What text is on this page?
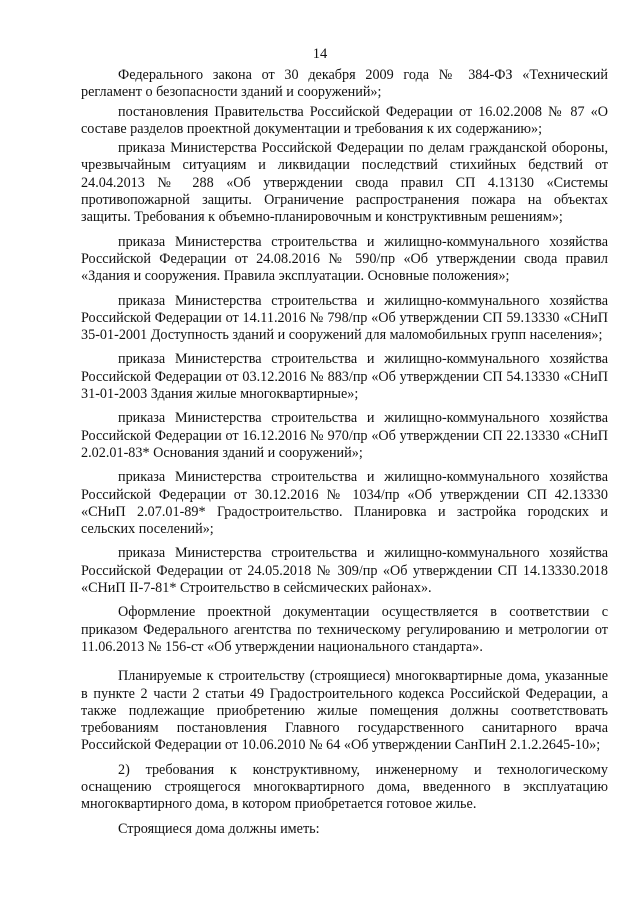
14

Федерального закона от 30 декабря 2009 года № 384-ФЗ «Технический регламент о безопасности зданий и сооружений»;

постановления Правительства Российской Федерации от 16.02.2008 № 87 «О составе разделов проектной документации и требования к их содержанию»;

приказа Министерства Российской Федерации по делам гражданской обороны, чрезвычайным ситуациям и ликвидации последствий стихийных бедствий от 24.04.2013 № 288 «Об утверждении свода правил СП 4.13130 «Системы противопожарной защиты. Ограничение распространения пожара на объектах защиты. Требования к объемно-планировочным и конструктивным решениям»;

приказа Министерства строительства и жилищно-коммунального хозяйства Российской Федерации от 24.08.2016 № 590/пр «Об утверждении свода правил «Здания и сооружения. Правила эксплуатации. Основные положения»;

приказа Министерства строительства и жилищно-коммунального хозяйства Российской Федерации от 14.11.2016 № 798/пр «Об утверждении СП 59.13330 «СНиП 35-01-2001 Доступность зданий и сооружений для маломобильных групп населения»;

приказа Министерства строительства и жилищно-коммунального хозяйства Российской Федерации от 03.12.2016 № 883/пр «Об утверждении СП 54.13330 «СНиП 31-01-2003 Здания жилые многоквартирные»;

приказа Министерства строительства и жилищно-коммунального хозяйства Российской Федерации от 16.12.2016 № 970/пр «Об утверждении СП 22.13330 «СНиП 2.02.01-83* Основания зданий и сооружений»;

приказа Министерства строительства и жилищно-коммунального хозяйства Российской Федерации от 30.12.2016 № 1034/пр «Об утверждении СП 42.13330 «СНиП 2.07.01-89* Градостроительство. Планировка и застройка городских и сельских поселений»;

приказа Министерства строительства и жилищно-коммунального хозяйства Российской Федерации от 24.05.2018 № 309/пр «Об утверждении СП 14.13330.2018 «СНиП II-7-81* Строительство в сейсмических районах».

Оформление проектной документации осуществляется в соответствии с приказом Федерального агентства по техническому регулированию и метрологии от 11.06.2013 № 156-ст «Об утверждении национального стандарта».

Планируемые к строительству (строящиеся) многоквартирные дома, указанные в пункте 2 части 2 статьи 49 Градостроительного кодекса Российской Федерации, а также подлежащие приобретению жилые помещения должны соответствовать требованиям постановления Главного государственного санитарного врача Российской Федерации от 10.06.2010 № 64 «Об утверждении СанПиН 2.1.2.2645-10»;

2) требования к конструктивному, инженерному и технологическому оснащению строящегося многоквартирного дома, введенного в эксплуатацию многоквартирного дома, в котором приобретается готовое жилье.

Строящиеся дома должны иметь:
